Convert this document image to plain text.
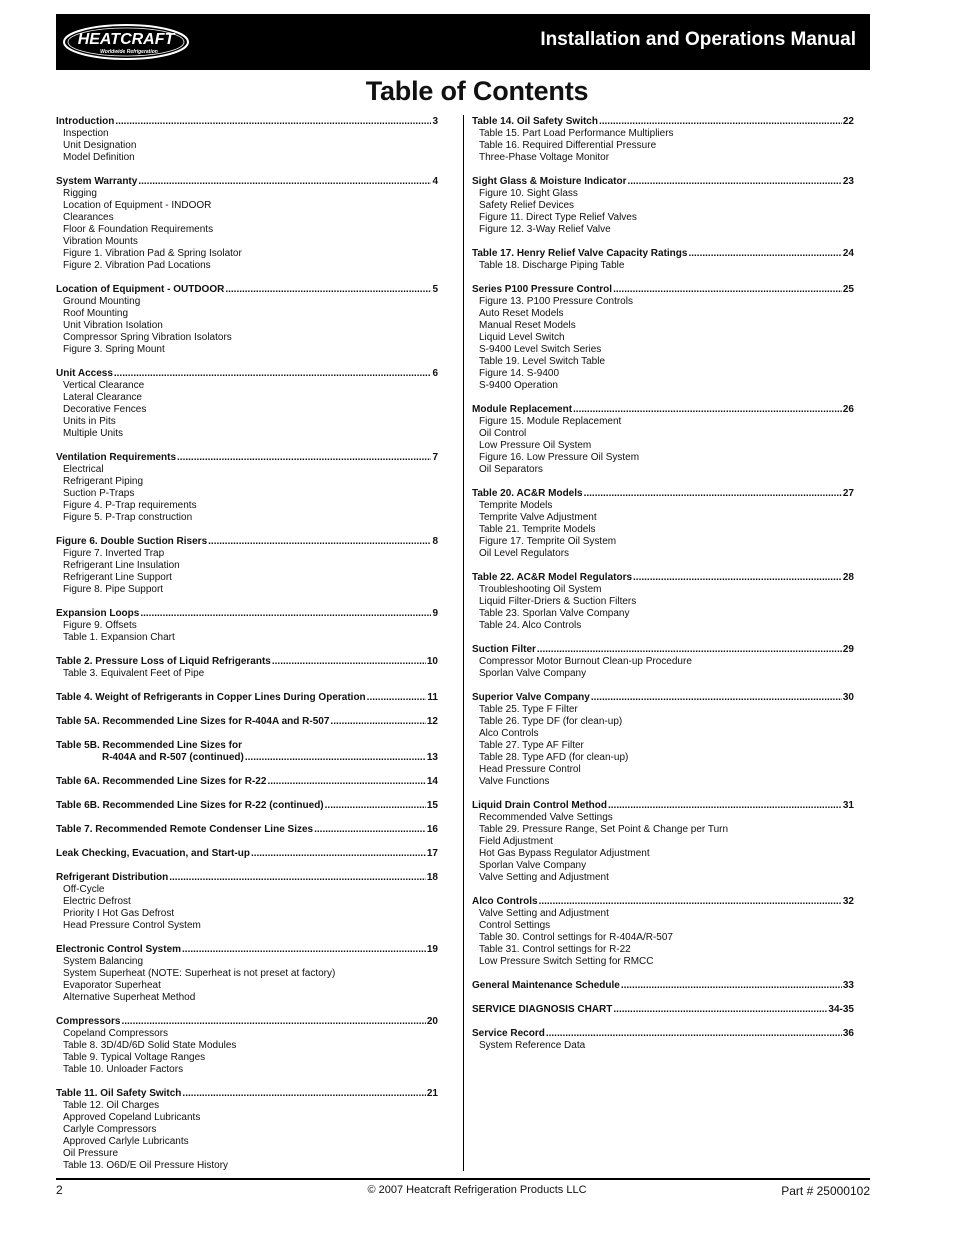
HEATCRAFT
Worldwide Refrigeration
Installation and Operations Manual
Table of Contents
Introduction .....	3
Inspection
Unit Designation
Model Definition
System Warranty .....	4
Rigging
Location of Equipment - INDOOR
Clearances
Floor & Foundation Requirements
Vibration Mounts
Figure 1. Vibration Pad & Spring Isolator
Figure 2. Vibration Pad Locations
Location of Equipment - OUTDOOR .....	5
Ground Mounting
Roof Mounting
Unit Vibration Isolation
Compressor Spring Vibration Isolators
Figure 3. Spring Mount
Unit Access .....	6
Vertical Clearance
Lateral Clearance
Decorative Fences
Units in Pits
Multiple Units
Ventilation Requirements .....	7
Electrical
Refrigerant Piping
Suction P-Traps
Figure 4. P-Trap requirements
Figure 5. P-Trap construction
Figure 6. Double Suction Risers .....	8
Figure 7. Inverted Trap
Refrigerant Line Insulation
Refrigerant Line Support
Figure 8. Pipe Support
Expansion Loops .....	9
Figure 9. Offsets
Table 1. Expansion Chart
Table 2. Pressure Loss of Liquid Refrigerants .....	10
Table 3. Equivalent Feet of Pipe
Table 4. Weight of Refrigerants in Copper Lines During Operation .....	11
Table 5A. Recommended Line Sizes for R-404A and R-507 .....	12
Table 5B. Recommended Line Sizes for
R-404A and R-507 (continued) .....	13
Table 6A. Recommended Line Sizes for R-22 .....	14
Table 6B. Recommended Line Sizes for R-22 (continued) .....	15
Table 7. Recommended Remote Condenser Line Sizes .....	16
Leak Checking, Evacuation, and Start-up .....	17
Refrigerant Distribution .....	18
Off-Cycle
Electric Defrost
Priority I Hot Gas Defrost
Head Pressure Control System
Electronic Control System .....	19
System Balancing
System Superheat (NOTE: Superheat is not preset at factory)
Evaporator Superheat
Alternative Superheat Method
Compressors .....	20
Copeland Compressors
Table 8. 3D/4D/6D Solid State Modules
Table 9. Typical Voltage Ranges
Table 10. Unloader Factors
Table 11. Oil Safety Switch .....	21
Table 12. Oil Charges
Approved Copeland Lubricants
Carlyle Compressors
Approved Carlyle Lubricants
Oil Pressure
Table 13. O6D/E Oil Pressure History
Table 14. Oil Safety Switch .....	22
Table 15. Part Load Performance Multipliers
Table 16. Required Differential Pressure
Three-Phase Voltage Monitor
Sight Glass & Moisture Indicator .....	23
Figure 10. Sight Glass
Safety Relief Devices
Figure 11. Direct Type Relief Valves
Figure 12. 3-Way Relief Valve
Table 17. Henry Relief Valve Capacity Ratings .....	24
Table 18. Discharge Piping Table
Series P100 Pressure Control .....	25
Figure 13. P100 Pressure Controls
Auto Reset Models
Manual Reset Models
Liquid Level Switch
S-9400 Level Switch Series
Table 19. Level Switch Table
Figure 14. S-9400
S-9400 Operation
Module Replacement .....	26
Figure 15. Module Replacement
Oil Control
Low Pressure Oil System
Figure 16. Low Pressure Oil System
Oil Separators
Table 20. AC&R Models .....	27
Temprite Models
Temprite Valve Adjustment
Table 21. Temprite Models
Figure 17. Temprite Oil System
Oil Level Regulators
Table 22. AC&R Model Regulators .....	28
Troubleshooting Oil System
Liquid Filter-Driers & Suction Filters
Table 23. Sporlan Valve Company
Table 24. Alco Controls
Suction Filter .....	29
Compressor Motor Burnout Clean-up Procedure
Sporlan Valve Company
Superior Valve Company .....	30
Table 25. Type F Filter
Table 26. Type DF (for clean-up)
Alco Controls
Table 27. Type AF Filter
Table 28. Type AFD (for clean-up)
Head Pressure Control
Valve Functions
Liquid Drain Control Method .....	31
Recommended Valve Settings
Table 29. Pressure Range, Set Point & Change per Turn
Field Adjustment
Hot Gas Bypass Regulator Adjustment
Sporlan Valve Company
Valve Setting and Adjustment
Alco Controls .....	32
Valve Setting and Adjustment
Control Settings
Table 30. Control settings for R-404A/R-507
Table 31. Control settings for R-22
Low Pressure Switch Setting for RMCC
General Maintenance Schedule .....	33
SERVICE DIAGNOSIS CHART .....	34-35
Service Record .....	36
System Reference Data
2	© 2007 Heatcraft Refrigeration Products LLC	Part # 25000102
